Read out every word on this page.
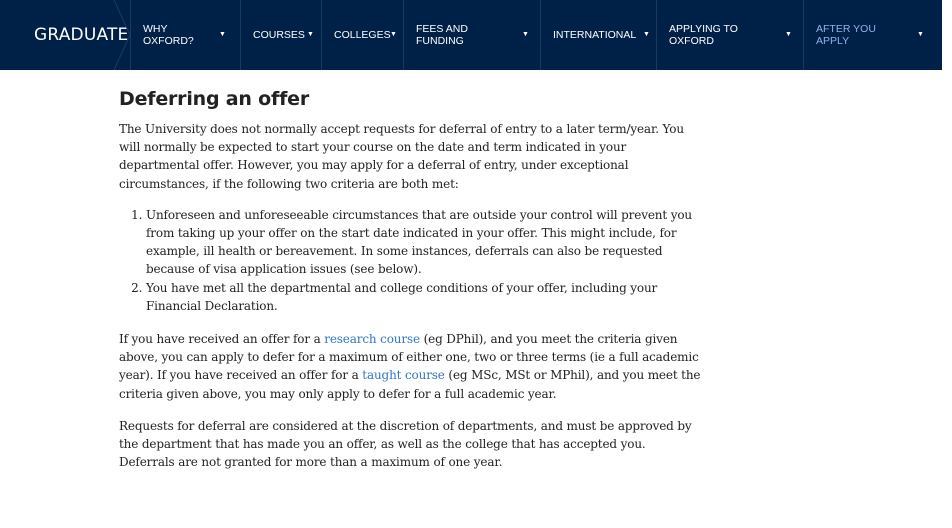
GRADUATE WHY OXFORD?
▼	COURSES ▼ COLLEGES ▼ FEES AND FUNDING
▼ INTERNATIONAL ▼ APPLYING TO OXFORD
▼ AFTER YOU APPLY
▼
Deferring an offer

The University does not normally accept requests for deferral of entry to a later term/year. You will normally be expected to start your course on the date and term indicated in your departmental offer. However, you may apply for a deferral of entry, under exceptional circumstances, if the following two criteria are both met:

1. Unforeseen and unforeseeable circumstances that are outside your control will prevent you from taking up your offer on the start date indicated in your offer. This might include, for example, ill health or bereavement. In some instances, deferrals can also be requested because of visa application issues (see below).
2. You have met all the departmental and college conditions of your offer, including your Financial Declaration.

If you have received an offer for a research course (eg DPhil), and you meet the criteria given above, you can apply to defer for a maximum of either one, two or three terms (ie a full academic year). If you have received an offer for a taught course (eg MSc, MSt or MPhil), and you meet the criteria given above, you may only apply to defer for a full academic year.

Requests for deferral are considered at the discretion of departments, and must be approved by the department that has made you an offer, as well as the college that has accepted you. Deferrals are not granted for more than a maximum of one year.
